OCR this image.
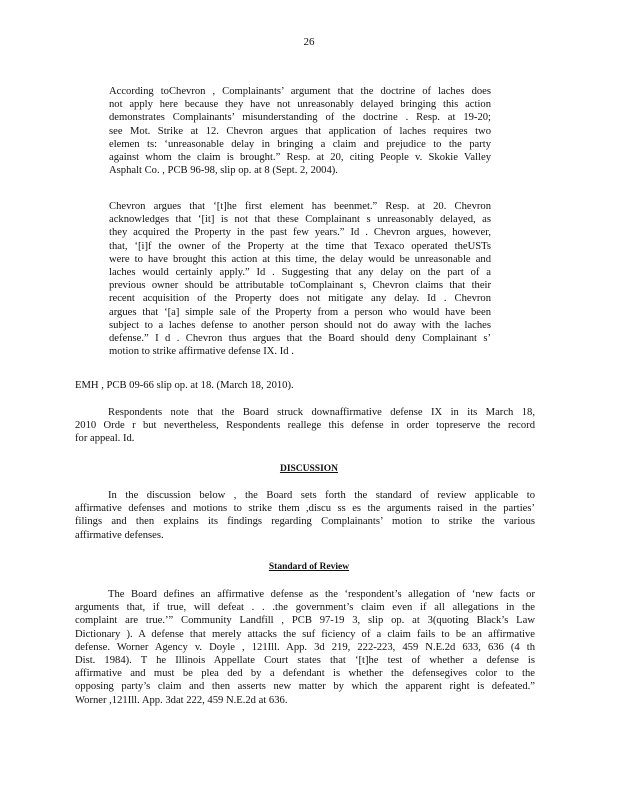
26
According toChevron , Complainants’ argument that the doctrine of laches does
not apply here because they have not unreasonably delayed bringing this action
demonstrates Complainants’ misunderstanding of the doctrine . Resp. at 19-20;
see Mot. Strike at 12. Chevron argues that application of laches requires two
elemen ts: ‘unreasonable delay in bringing a claim and prejudice to the party
against whom the claim is brought.” Resp. at 20, citing People v. Skokie Valley
Asphalt Co. , PCB 96-98, slip op. at 8 (Sept. 2, 2004).
Chevron argues that ‘[t]he first element has beenmet.” Resp. at 20. Chevron
acknowledges that ‘[it] is not that these Complainant s unreasonably delayed, as
they acquired the Property in the past few years.” Id . Chevron argues, however,
that, ‘[i]f the owner of the Property at the time that Texaco operated theUSTs
were to have brought this action at this time, the delay would be unreasonable and
laches would certainly apply.” Id . Suggesting that any delay on the part of a
previous owner should be attributable toComplainant s, Chevron claims that their
recent acquisition of the Property does not mitigate any delay. Id . Chevron
argues that ‘[a] simple sale of the Property from a person who would have been
subject to a laches defense to another person should not do away with the laches
defense.” I d . Chevron thus argues that the Board should deny Complainant s’
motion to strike affirmative defense IX. Id .
EMH , PCB 09-66 slip op. at 18. (March 18, 2010).
Respondents note that the Board struck downaffirmative defense IX in its March 18,
2010 Orde r but nevertheless, Respondents reallege this defense in order topreserve the record
for appeal. Id.
DISCUSSION
In the discussion below , the Board sets forth the standard of review applicable to
affirmative defenses and motions to strike them ,discu ss es the arguments raised in the parties’
filings and then explains its findings regarding Complainants’ motion to strike the various
affirmative defenses.
Standard of Review
The Board defines an affirmative defense as the ‘respondent’s allegation of ‘new facts or
arguments that, if true, will defeat . . .the government’s claim even if all allegations in the
complaint are true.’” Community Landfill , PCB 97-19 3, slip op. at 3(quoting Black’s Law
Dictionary ). A defense that merely attacks the suf ficiency of a claim fails to be an affirmative
defense. Worner Agency v. Doyle , 121Ill. App. 3d 219, 222-223, 459 N.E.2d 633, 636 (4 th
Dist. 1984). T he Illinois Appellate Court states that ‘[t]he test of whether a defense is
affirmative and must be plea ded by a defendant is whether the defensegives color to the
opposing party’s claim and then asserts new matter by which the apparent right is defeated.”
Worner ,121Ill. App. 3dat 222, 459 N.E.2d at 636.
